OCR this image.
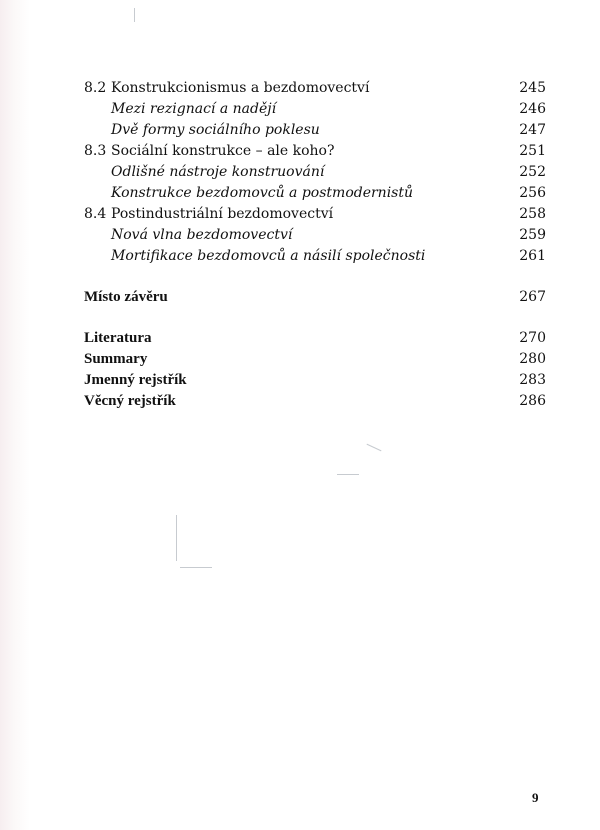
8.2 Konstrukcionismus a bezdomovectví	245
Mezi rezignací a nadějí	246
Dvě formy sociálního poklesu	247
8.3 Sociální konstrukce – ale koho?	251
Odlišné nástroje konstruování	252
Konstrukce bezdomovců a postmodernistů	256
8.4 Postindustriální bezdomovectví	258
Nová vlna bezdomovectví	259
Mortifikace bezdomovců a násilí společnosti	261
Místo závěru	267
Literatura	270
Summary	280
Jmenný rejstřík	283
Věcný rejstřík	286
9
